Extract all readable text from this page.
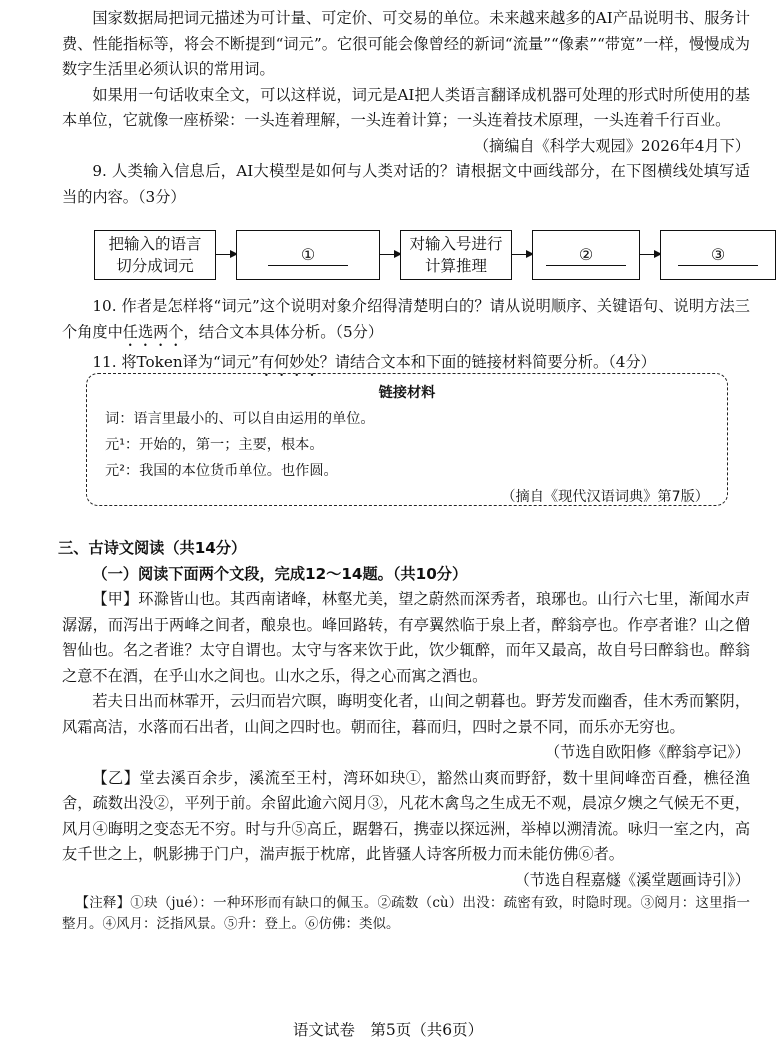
国家数据局把词元描述为可计量、可定价、可交易的单位。未来越来越多的AI产品说明书、服务计费、性能指标等，将会不断提到“词元”。它很可能会像曾经的新词“流量”“像素”“带宽”一样，慢慢成为数字生活里必须认识的常用词。

如果用一句话收束全文，可以这样说，词元是AI把人类语言翻译成机器可处理的形式时所使用的基本单位，它就像一座桥梁：一头连着理解，一头连着计算；一头连着技术原理，一头连着千行百业。

（摘编自《科学大观园》2026年4月下）

9. 人类输入信息后，AI大模型是如何与人类对话的？请根据文中画线部分，在下图横线处填写适当的内容。（3分）

把输入的语言切分成词元
①
对输入号进行计算推理
②	③

10. 作者是怎样将“词元”这个说明对象介绍得清楚明白的？请从说明顺序、关键语句、说明方法三个角度中任选两个，结合文本具体分析。（5分）

11. 将Token译为“词元”有何妙处？请结合文本和下面的链接材料简要分析。（4分）

链接材料
词：语言里最小的、可以自由运用的单位。
元¹：开始的，第一；主要，根本。
元²：我国的本位货币单位。也作圆。
（摘自《现代汉语词典》第7版）

三、古诗文阅读（共14分）

（一）阅读下面两个文段，完成12～14题。（共10分）

【甲】环滁皆山也。其西南诸峰，林壑尤美，望之蔚然而深秀者，琅琊也。山行六七里，渐闻水声潺潺，而泻出于两峰之间者，酿泉也。峰回路转，有亭翼然临于泉上者，醉翁亭也。作亭者谁？山之僧智仙也。名之者谁？太守自谓也。太守与客来饮于此，饮少辄醉，而年又最高，故自号曰醉翁也。醉翁之意不在酒，在乎山水之间也。山水之乐，得之心而寓之酒也。

若夫日出而林霏开，云归而岩穴暝，晦明变化者，山间之朝暮也。野芳发而幽香，佳木秀而繁阴，风霜高洁，水落而石出者，山间之四时也。朝而往，暮而归，四时之景不同，而乐亦无穷也。

（节选自欧阳修《醉翁亭记》）

【乙】堂去溪百余步，溪流至王村，湾环如玦①，豁然山爽而野舒，数十里间峰峦百叠，樵径渔舍，疏数出没②，平列于前。余留此逾六阅月③，凡花木禽鸟之生成无不观，晨凉夕燠之气候无不更，风月④晦明之变态无不穷。时与升⑤高丘，踞磐石，携壶以探远洲，举棹以溯清流。咏归一室之内，高友千世之上，帆影拂于门户，湍声振于枕席，此皆骚人诗客所极力而未能仿佛⑥者。

（节选自程嘉燧《溪堂题画诗引》）

【注释】①玦（jué）：一种环形而有缺口的佩玉。②疏数（cù）出没：疏密有致，时隐时现。③阅月：这里指一整月。④风月：泛指风景。⑤升：登上。⑥仿佛：类似。

语文试卷　第5页（共6页）
